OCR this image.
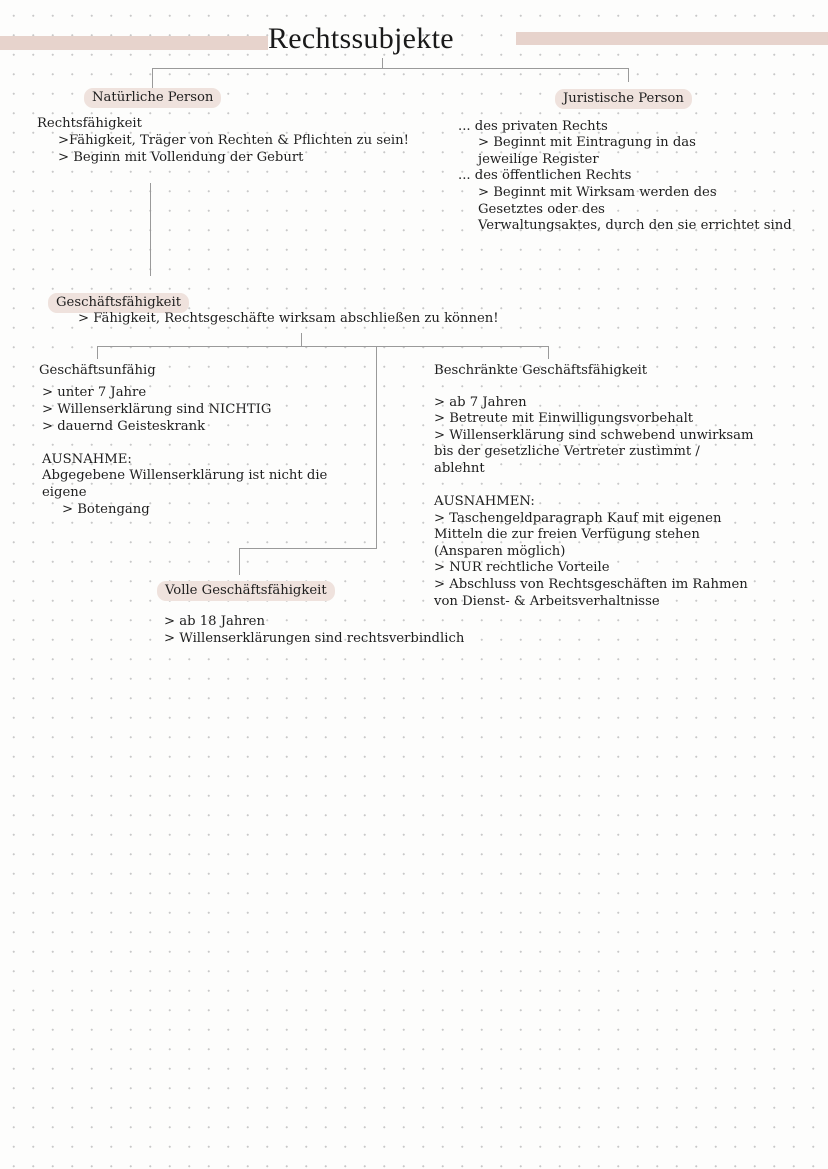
Rechtssubjekte
Natürliche Person
Rechtsfähigkeit
>Fähigkeit, Träger von Rechten & Pflichten zu sein!
> Beginn mit Vollendung der Geburt
Juristische Person
... des privaten Rechts
> Beginnt mit Eintragung in das
jeweilige Register
... des öffentlichen Rechts
> Beginnt mit Wirksam werden des
Gesetztes oder des
Verwaltungsaktes, durch den sie errichtet sind
Geschäftsfähigkeit
> Fähigkeit, Rechtsgeschäfte wirksam abschließen zu können!
Geschäftsunfähig
> unter 7 Jahre
> Willenserklärung sind NICHTIG
> dauernd Geisteskrank
AUSNAHME:
Abgegebene Willenserklärung ist nicht die
eigene
> Botengang
Beschränkte Geschäftsfähigkeit
> ab 7 Jahren
> Betreute mit Einwilligungsvorbehalt
> Willenserklärung sind schwebend unwirksam
bis der gesetzliche Vertreter zustimmt /
ablehnt
AUSNAHMEN:
> Taschengeldparagraph Kauf mit eigenen
Mitteln die zur freien Verfügung stehen
(Ansparen möglich)
> NUR rechtliche Vorteile
> Abschluss von Rechtsgeschäften im Rahmen
von Dienst- & Arbeitsverhaltnisse
Volle Geschäftsfähigkeit
> ab 18 Jahren
> Willenserklärungen sind rechtsverbindlich
